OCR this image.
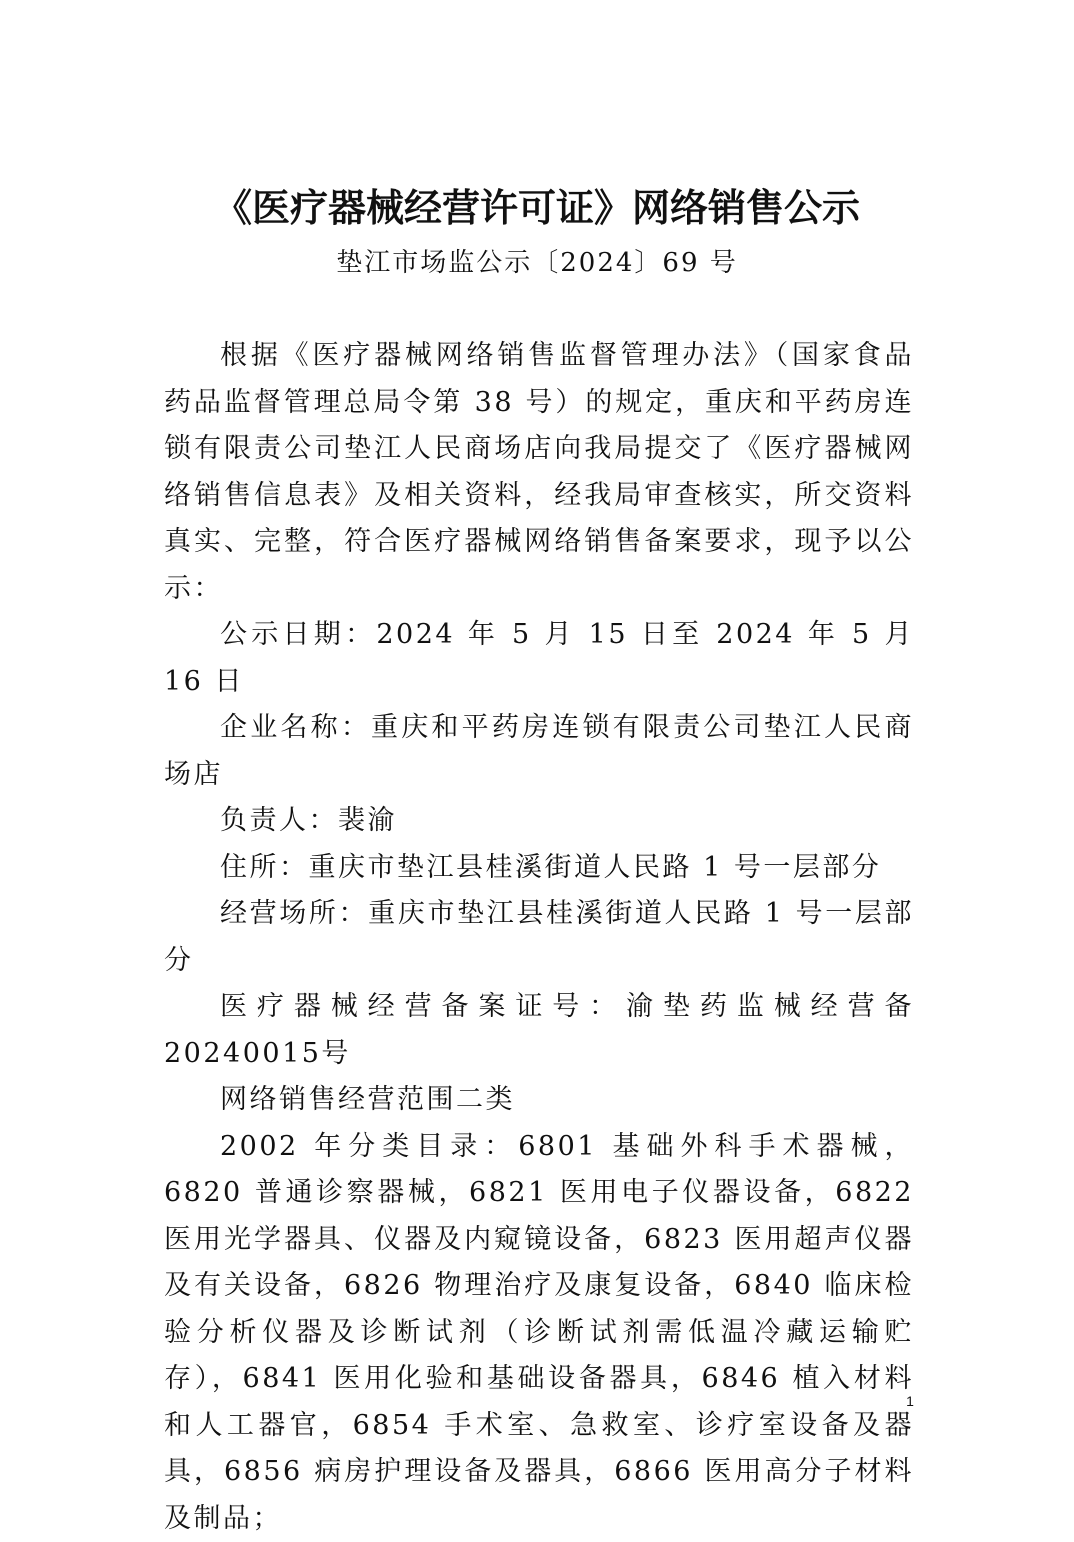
《医疗器械经营许可证》网络销售公示
垫江市场监公示〔2024〕69 号

根据《医疗器械网络销售监督管理办法》（国家食品药品监督管理总局令第 38 号）的规定，重庆和平药房连锁有限责公司垫江人民商场店向我局提交了《医疗器械网络销售信息表》及相关资料，经我局审查核实，所交资料真实、完整，符合医疗器械网络销售备案要求，现予以公示：

公示日期：2024 年 5 月 15 日至 2024 年 5 月 16 日

企业名称：重庆和平药房连锁有限责公司垫江人民商场店

负责人：裴渝

住所：重庆市垫江县桂溪街道人民路 1 号一层部分

经营场所：重庆市垫江县桂溪街道人民路 1 号一层部分

医疗器械经营备案证号：渝垫药监械经营备 20240015号

网络销售经营范围二类

2002 年分类目录：6801 基础外科手术器械，6820 普通诊察器械，6821 医用电子仪器设备，6822 医用光学器具、仪器及内窥镜设备，6823 医用超声仪器及有关设备，6826 物理治疗及康复设备，6840 临床检验分析仪器及诊断试剂（诊断试剂需低温冷藏运输贮存），6841 医用化验和基础设备器具，6846 植入材料和人工器官，6854 手术室、急救室、诊疗室设备及器具，6856 病房护理设备及器具，6866 医用高分子材料及制品；

1
